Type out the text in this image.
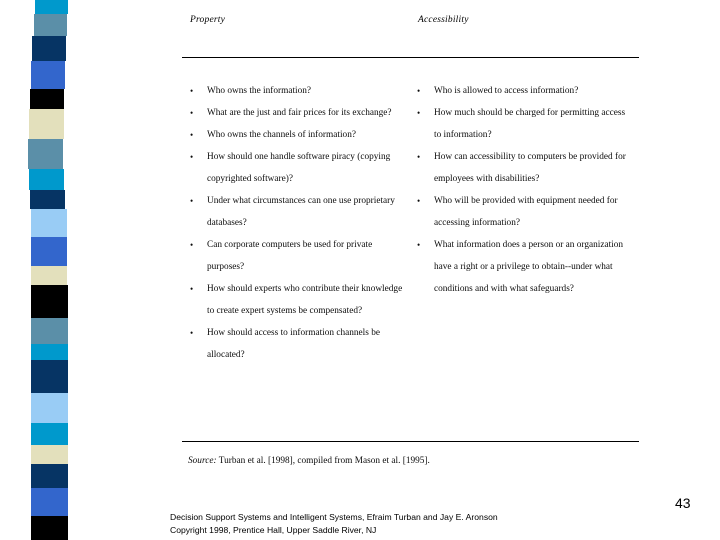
Property	Accessibility
• Who owns the information?
• What are the just and fair prices for its exchange?
• Who owns the channels of information?
• How should one handle software piracy (copying copyrighted software)?
• Under what circumstances can one use proprietary databases?
• Can corporate computers be used for private purposes?
• How should experts who contribute their knowledge to create expert systems be compensated?
• How should access to information channels be allocated?
• Who is allowed to access information?
• How much should be charged for permitting access to information?
• How can accessibility to computers be provided for employees with disabilities?
• Who will be provided with equipment needed for accessing information?
• What information does a person or an organization have a right or a privilege to obtain--under what conditions and with what safeguards?
Source: Turban et al. [1998], compiled from Mason et al. [1995].
Decision Support Systems and Intelligent Systems, Efraim Turban and Jay E. Aronson
Copyright 1998, Prentice Hall, Upper Saddle River, NJ
43
